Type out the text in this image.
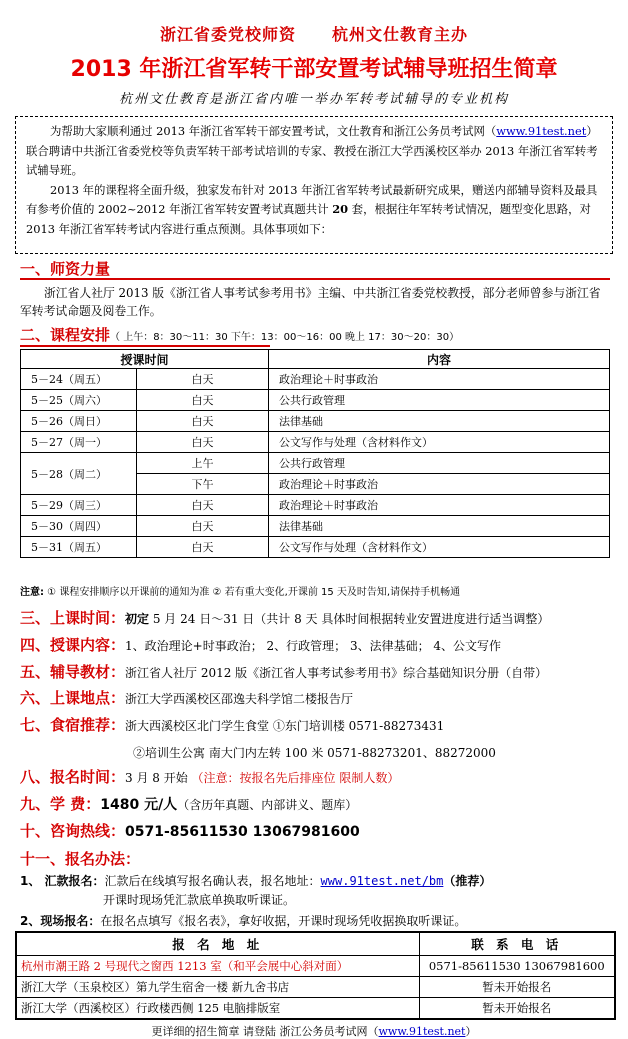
浙江省委党校师资 杭州文仕教育主办
2013 年浙江省军转干部安置考试辅导班招生简章
杭州文仕教育是浙江省内唯一举办军转考试辅导的专业机构

为帮助大家顺利通过 2013 年浙江省军转干部安置考试，文仕教育和浙江公务员考试网（www.91test.net）联合聘请中共浙江省委党校等负责军转干部考试培训的专家、教授在浙江大学西溪校区举办 2013 年浙江省军转考试辅导班。

2013 年的课程将全面升级，独家发布针对 2013 年浙江省军转考试最新研究成果，赠送内部辅导资料及最具有参考价值的 2002~2012 年浙江省军转安置考试真题共计 20 套，根据往年军转考试情况，题型变化思路，对 2013 年浙江省军转考试内容进行重点预测。具体事项如下：

一、师资力量
浙江省人社厅 2013 版《浙江省人事考试参考用书》主编、中共浙江省委党校教授，部分老师曾参与浙江省军转考试命题及阅卷工作。
二、课程安排（ 上午：8：30～11：30 下午：13：00～16：00 晚上 17：30～20：30）
授课时间		内容
5－24（周五）	白天	政治理论＋时事政治
5－25（周六）	白天	公共行政管理
5－26（周日）	白天	法律基础
5－27（周一）	白天	公文写作与处理（含材料作文）
5－28（周二）	上午	公共行政管理
	下午	政治理论＋时事政治
5－29（周三）	白天	政治理论＋时事政治
5－30（周四）	白天	法律基础
5－31（周五）	白天	公文写作与处理（含材料作文）
注意: ① 课程安排顺序以开课前的通知为准 ② 若有重大变化,开课前 15 天及时告知,请保持手机畅通
三、上课时间：初定 5 月 24 日～31 日（共计 8 天 具体时间根据转业安置进度进行适当调整）
四、授课内容：1、政治理论+时事政治； 2、行政管理； 3、法律基础； 4、公文写作
五、辅导教材：浙江省人社厅 2012 版《浙江省人事考试参考用书》综合基础知识分册（自带）
六、上课地点：浙江大学西溪校区邵逸夫科学馆二楼报告厅
七、食宿推荐：浙大西溪校区北门学生食堂 ①东门培训楼 0571-88273431
②培训生公寓 南大门内左转 100 米 0571-88273201、88272000
八、报名时间：3 月 8 开始 （注意：按报名先后排座位 限制人数）
九、学 费：1480 元/人（含历年真题、内部讲义、题库）
十、咨询热线：0571-85611530 13067981600
十一、报名办法：
1、 汇款报名：汇款后在线填写报名确认表，报名地址：www.91test.net/bm（推荐）
开课时现场凭汇款底单换取听课证。
2、现场报名：在报名点填写《报名表》，拿好收据，开课时现场凭收据换取听课证。
报 名 地 址	联 系 电 话
杭州市潮王路 2 号现代之窗西 1213 室（和平会展中心斜对面）	0571-85611530 13067981600
浙江大学（玉泉校区）第九学生宿舍一楼 新九舍书店	暂未开始报名
浙江大学（西溪校区）行政楼西侧 125 电脑排版室	暂未开始报名
更详细的招生简章 请登陆 浙江公务员考试网（www.91test.net）
